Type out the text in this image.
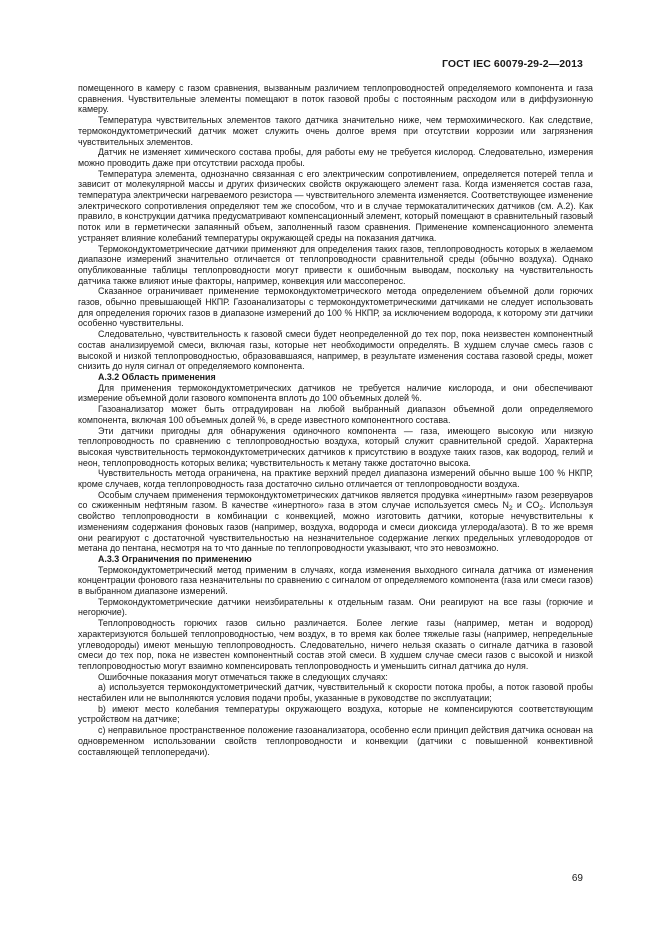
ГОСТ IEC 60079-29-2—2013

помещенного в камеру с газом сравнения, вызванным различием теплопроводностей определяемого компонента и газа сравнения. Чувствительные элементы помещают в поток газовой пробы с постоянным расходом или в диффузионную камеру.

Температура чувствительных элементов такого датчика значительно ниже, чем термохимического. Как следствие, термокондуктометрический датчик может служить очень долгое время при отсутствии коррозии или загрязнения чувствительных элементов.

Датчик не изменяет химического состава пробы, для работы ему не требуется кислород. Следовательно, измерения можно проводить даже при отсутствии расхода пробы.

Температура элемента, однозначно связанная с его электрическим сопротивлением, определяется потерей тепла и зависит от молекулярной массы и других физических свойств окружающего элемент газа. Когда изменяется состав газа, температура электрически нагреваемого резистора — чувствительного элемента изменяется. Соответствующее изменение электрического сопротивления определяют тем же способом, что и в случае термокаталитических датчиков (см. A.2). Как правило, в конструкции датчика предусматривают компенсационный элемент, который помещают в сравнительный газовый поток или в герметически запаянный объем, заполненный газом сравнения. Применение компенсационного элемента устраняет влияние колебаний температуры окружающей среды на показания датчика.

Термокондуктометрические датчики применяют для определения таких газов, теплопроводность которых в желаемом диапазоне измерений значительно отличается от теплопроводности сравнительной среды (обычно воздуха). Однако опубликованные таблицы теплопроводности могут привести к ошибочным выводам, поскольку на чувствительность датчика также влияют иные факторы, например, конвекция или массоперенос.

Сказанное ограничивает применение термокондуктометрического метода определением объемной доли горючих газов, обычно превышающей НКПР. Газоанализаторы с термокондуктометрическими датчиками не следует использовать для определения горючих газов в диапазоне измерений до 100 % НКПР, за исключением водорода, к которому эти датчики особенно чувствительны.

Следовательно, чувствительность к газовой смеси будет неопределенной до тех пор, пока неизвестен компонентный состав анализируемой смеси, включая газы, которые нет необходимости определять. В худшем случае смесь газов с высокой и низкой теплопроводностью, образовавшаяся, например, в результате изменения состава газовой среды, может снизить до нуля сигнал от определяемого компонента.

А.3.2 Область применения

Для применения термокондуктометрических датчиков не требуется наличие кислорода, и они обеспечивают измерение объемной доли газового компонента вплоть до 100 объемных долей %.

Газоанализатор может быть отградуирован на любой выбранный диапазон объемной доли определяемого компонента, включая 100 объемных долей %, в среде известного компонентного состава.

Эти датчики пригодны для обнаружения одиночного компонента — газа, имеющего высокую или низкую теплопроводность по сравнению с теплопроводностью воздуха, который служит сравнительной средой. Характерна высокая чувствительность термокондуктометрических датчиков к присутствию в воздухе таких газов, как водород, гелий и неон, теплопроводность которых велика; чувствительность к метану также достаточно высока.

Чувствительность метода ограничена, на практике верхний предел диапазона измерений обычно выше 100 % НКПР, кроме случаев, когда теплопроводность газа достаточно сильно отличается от теплопроводности воздуха.

Особым случаем применения термокондуктометрических датчиков является продувка «инертным» газом резервуаров со сжиженным нефтяным газом. В качестве «инертного» газа в этом случае используется смесь $N_2$ и $CO_2$. Используя свойство теплопроводности в комбинации с конвекцией, можно изготовить датчики, которые нечувствительны к изменениям содержания фоновых газов (например, воздуха, водорода и смеси диоксида углерода/азота). В то же время они реагируют с достаточной чувствительностью на незначительное содержание легких предельных углеводородов от метана до пентана, несмотря на то что данные по теплопроводности указывают, что это невозможно.

А.3.3 Ограничения по применению

Термокондуктометрический метод применим в случаях, когда изменения выходного сигнала датчика от изменения концентрации фонового газа незначительны по сравнению с сигналом от определяемого компонента (газа или смеси газов) в выбранном диапазоне измерений.

Термокондуктометрические датчики неизбирательны к отдельным газам. Они реагируют на все газы (горючие и негорючие).

Теплопроводность горючих газов сильно различается. Более легкие газы (например, метан и водород) характеризуются большей теплопроводностью, чем воздух, в то время как более тяжелые газы (например, непредельные углеводороды) имеют меньшую теплопроводность. Следовательно, ничего нельзя сказать о сигнале датчика в газовой смеси до тех пор, пока не известен компонентный состав этой смеси. В худшем случае смеси газов с высокой и низкой теплопроводностью могут взаимно компенсировать теплопроводность и уменьшить сигнал датчика до нуля.

Ошибочные показания могут отмечаться также в следующих случаях:

а) используется термокондуктометрический датчик, чувствительный к скорости потока пробы, а поток газовой пробы нестабилен или не выполняются условия подачи пробы, указанные в руководстве по эксплуатации;

b) имеют место колебания температуры окружающего воздуха, которые не компенсируются соответствующим устройством на датчике;

с) неправильное пространственное положение газоанализатора, особенно если принцип действия датчика основан на одновременном использовании свойств теплопроводности и конвекции (датчики с повышенной конвективной составляющей теплопередачи).

69
